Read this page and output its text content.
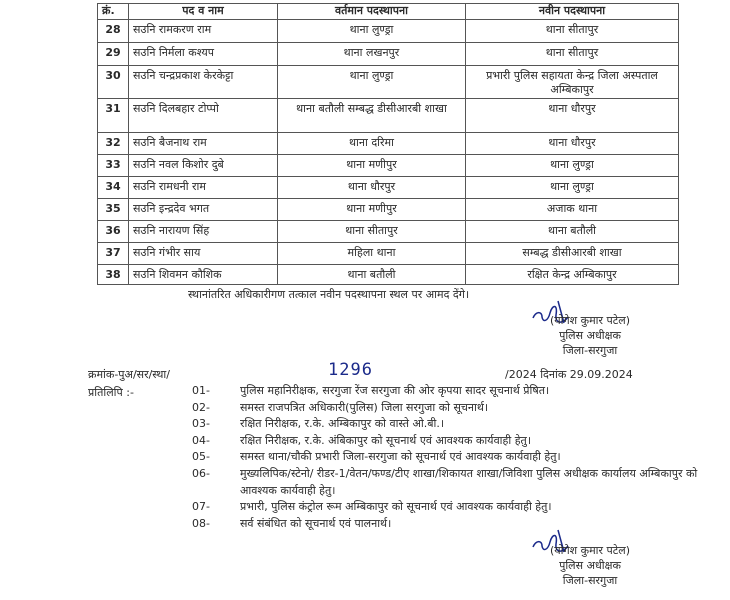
क्रं.	पद व नाम	वर्तमान पदस्थापना	नवीन पदस्थापना
28	सउनि रामकरण राम	थाना लुण्ड्रा	थाना सीतापुर
29	सउनि निर्मला कश्यप	थाना लखनपुर	थाना सीतापुर
30	सउनि चन्द्रप्रकाश केरकेट्टा	थाना लुण्ड्रा	प्रभारी पुलिस सहायता केन्द्र जिला अस्पताल अम्बिकापुर
31	सउनि दिलबहार टोप्पो	थाना बतौली सम्बद्ध डीसीआरबी शाखा	थाना धौरपुर
32	सउनि बैजनाथ राम	थाना दरिमा	थाना धौरपुर
33	सउनि नवल किशोर दुबे	थाना मणीपुर	थाना लुण्ड्रा
34	सउनि रामधनी राम	थाना धौरपुर	थाना लुण्ड्रा
35	सउनि इन्द्रदेव भगत	थाना मणीपुर	अजाक थाना
36	सउनि नारायण सिंह	थाना सीतापुर	थाना बतौली
37	सउनि गंभीर साय	महिला थाना	सम्बद्ध डीसीआरबी शाखा
38	सउनि शिवमन कौशिक	थाना बतौली	रक्षित केन्द्र अम्बिकापुर
स्थानांतरित अधिकारीगण तत्काल नवीन पदस्थापना स्थल पर आमद देंगे।
(योगेश कुमार पटेल)
पुलिस अधीक्षक
जिला-सरगुजा
क्रमांक-पुअ/सर/स्था/	1296	/2024 दिनांक 29.09.2024
प्रतिलिपि :-	01-	पुलिस महानिरीक्षक, सरगुजा रेंज सरगुजा की ओर कृपया सादर सूचनार्थ प्रेषित।
02-	समस्त राजपत्रित अधिकारी(पुलिस) जिला सरगुजा को सूचनार्थ।
03-	रक्षित निरीक्षक, र.के. अम्बिकापुर को वास्ते ओ.बी.।
04-	रक्षित निरीक्षक, र.के. अंबिकापुर को सूचनार्थ एवं आवश्यक कार्यवाही हेतु।
05-	समस्त थाना/चौकी प्रभारी जिला-सरगुजा को सूचनार्थ एवं आवश्यक कार्यवाही हेतु।
06-	मुख्यलिपिक/स्टेनो/ रीडर-1/वेतन/फण्ड/टीए शाखा/शिकायत शाखा/जिविशा पुलिस अधीक्षक कार्यालय अम्बिकापुर को आवश्यक कार्यवाही हेतु।
07-	प्रभारी, पुलिस कंट्रोल रूम अम्बिकापुर को सूचनार्थ एवं आवश्यक कार्यवाही हेतु।
08-	सर्व संबंधित को सूचनार्थ एवं पालनार्थ।
(योगेश कुमार पटेल)
पुलिस अधीक्षक
जिला-सरगुजा
